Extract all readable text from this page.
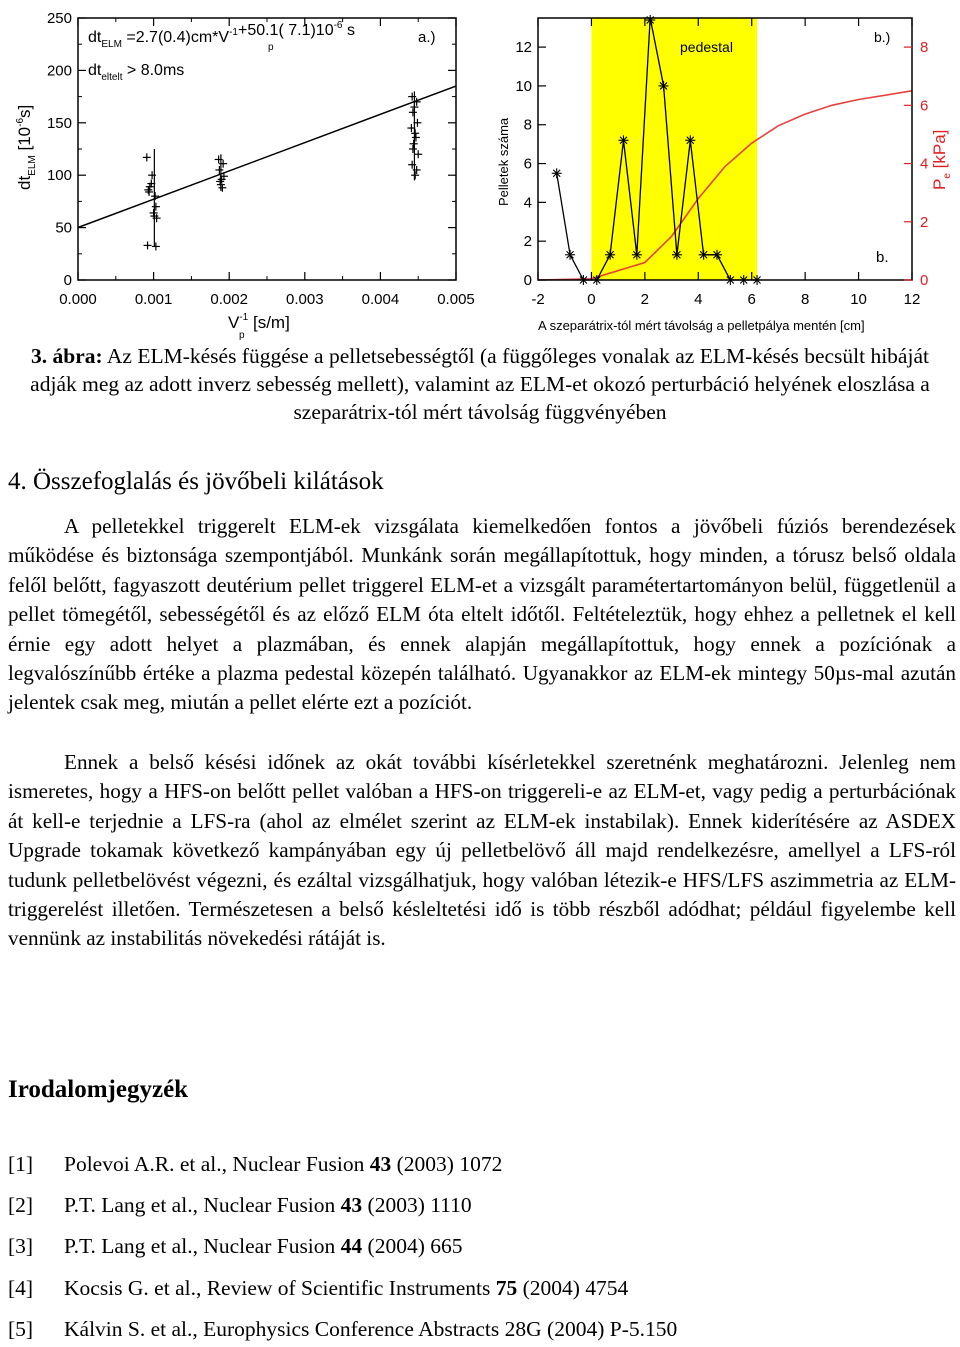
0
50
100
150
200
250
0.000	0.001	0.002	0.003	0.004	0.005
$dt_{ELM} =2.7(0.4)cm*V^{-1}+50.1$( $7.1)10^{-6}$ s
p
$dt_{eltelt} > 8.0ms$
a.)
$dt_{ELM}$ $[10^{-6}s]$
$V^{-1}$ [s/m]
p
pedestal
0
2
4
6
8
10
12
0
2
4
6
8
-2	0	2	4	6	8	10 12
b.)
b.
Pelletek száma	$P_e$ [kPa]
A szeparátrix-tól mért távolság a pelletpálya mentén [cm]
3. ábra: Az ELM-késés függése a pelletsebességtől (a függőleges vonalak az ELM-késés becsült hibáját adják meg az adott inverz sebesség mellett), valamint az ELM-et okozó perturbáció helyének eloszlása a szeparátrix-tól mért távolság függvényében
4. Összefoglalás és jövőbeli kilátások
A pelletekkel triggerelt ELM-ek vizsgálata kiemelkedően fontos a jövőbeli fúziós berendezések működése és biztonsága szempontjából. Munkánk során megállapítottuk, hogy minden, a tórusz belső oldala felől belőtt, fagyaszott deutérium pellet triggerel ELM-et a vizsgált paramétertartományon belül, függetlenül a pellet tömegétől, sebességétől és az előző ELM óta eltelt időtől. Feltételeztük, hogy ehhez a pelletnek el kell érnie egy adott helyet a plazmában, és ennek alapján megállapítottuk, hogy ennek a pozíciónak a legvalószínűbb értéke a plazma pedestal közepén található. Ugyanakkor az ELM-ek mintegy 50µs-mal azután jelentek csak meg, miután a pellet elérte ezt a pozíciót.
Ennek a belső késési időnek az okát további kísérletekkel szeretnénk meghatározni. Jelenleg nem ismeretes, hogy a HFS-on belőtt pellet valóban a HFS-on triggereli-e az ELM-et, vagy pedig a perturbációnak át kell-e terjednie a LFS-ra (ahol az elmélet szerint az ELM-ek instabilak). Ennek kiderítésére az ASDEX Upgrade tokamak következő kampányában egy új pelletbelövő áll majd rendelkezésre, amellyel a LFS-ról tudunk pelletbelövést végezni, és ezáltal vizsgálhatjuk, hogy valóban létezik-e HFS/LFS aszimmetria az ELM-triggerelést illetően. Természetesen a belső késleltetési idő is több részből adódhat; például figyelembe kell vennünk az instabilitás növekedési rátáját is.
Irodalomjegyzék
[1] Polevoi A.R. et al., Nuclear Fusion 43 (2003) 1072
[2] P.T. Lang et al., Nuclear Fusion 43 (2003) 1110
[3] P.T. Lang et al., Nuclear Fusion 44 (2004) 665
[4] Kocsis G. et al., Review of Scientific Instruments 75 (2004) 4754
[5] Kálvin S. et al., Europhysics Conference Abstracts 28G (2004) P-5.150
